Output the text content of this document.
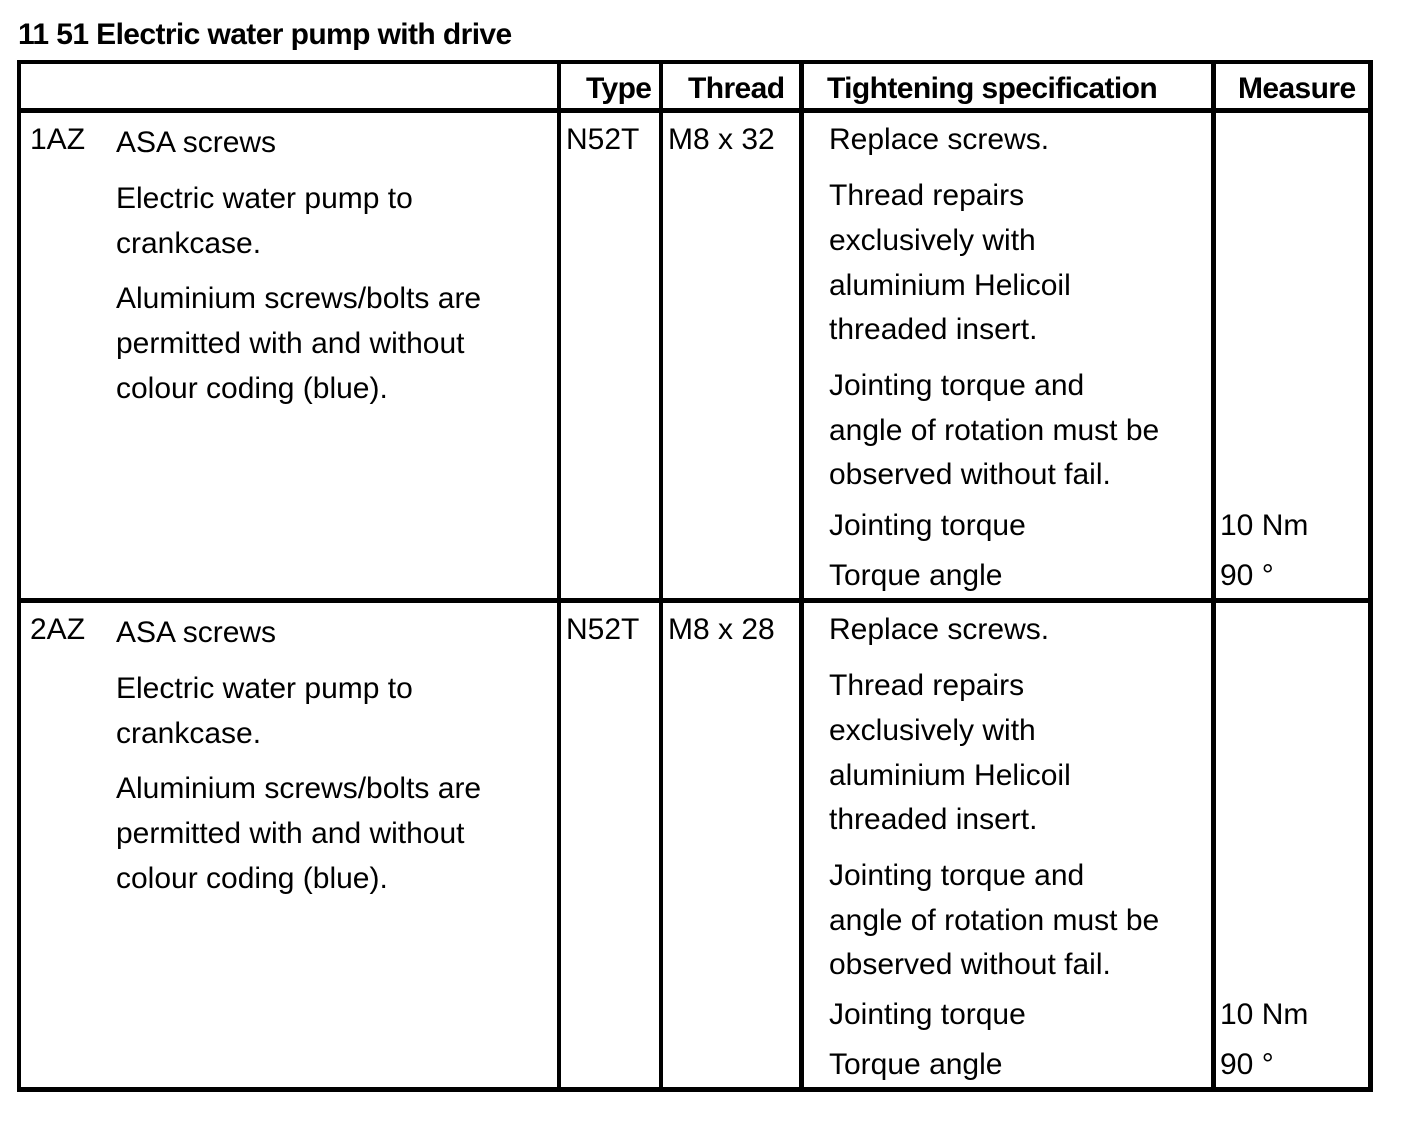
11 51 Electric water pump with drive
Type Thread Tightening specification	Measure
1AZ ASA screws
Electric water pump to
crankcase.
Aluminium screws/bolts are
permitted with and without
colour coding (blue).
N52T M8 x 32 Replace screws.
Thread repairs
exclusively with
aluminium Helicoil
threaded insert.
Jointing torque and
angle of rotation must be
observed without fail.
Jointing torque
Torque angle
10 Nm
90 °
2AZ ASA screws
Electric water pump to
crankcase.
Aluminium screws/bolts are
permitted with and without
colour coding (blue).
N52T M8 x 28 Replace screws.
Thread repairs
exclusively with
aluminium Helicoil
threaded insert.
Jointing torque and
angle of rotation must be
observed without fail.
Jointing torque
Torque angle
10 Nm
90 °
